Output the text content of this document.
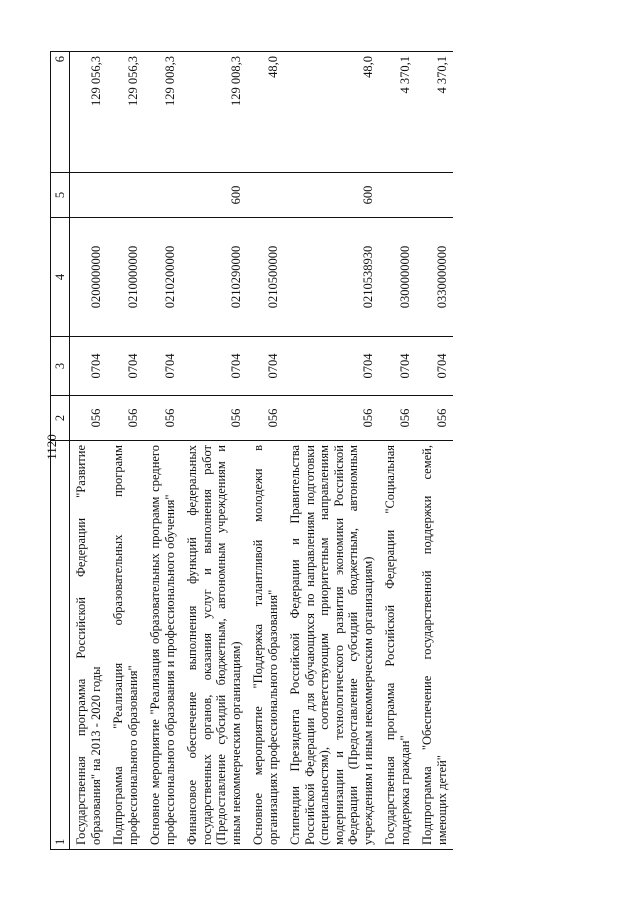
1120
1	2	3	4	5	6
Государственная программа Российской Федерации "Развитие образования" на 2013 - 2020 годы	056	0704	0200000000		129 056,3
Подпрограмма "Реализация образовательных программ профессионального образования"	056	0704	0210000000		129 056,3
Основное мероприятие "Реализация образовательных программ среднего профессионального образования и профессионального обучения"	056	0704	0210200000		129 008,3
Финансовое обеспечение выполнения функций федеральных государственных органов, оказания услуг и выполнения работ (Предоставление субсидий бюджетным, автономным учреждениям и иным некоммерческим организациям)	056	0704	0210290000	600	129 008,3
Основное мероприятие "Поддержка талантливой молодежи в организациях профессионального образования"	056	0704	0210500000		48,0
Стипендии Президента Российской Федерации и Правительства Российской Федерации для обучающихся по направлениям подготовки (специальностям), соответствующим приоритетным направлениям модернизации и технологического развития экономики Российской Федерации (Предоставление субсидий бюджетным, автономным учреждениям и иным некоммерческим организациям)	056	0704	0210538930	600	48,0
Государственная программа Российской Федерации "Социальная поддержка граждан"	056	0704	0300000000		4 370,1
Подпрограмма "Обеспечение государственной поддержки семей, имеющих детей"	056	0704	0330000000		4 370,1
